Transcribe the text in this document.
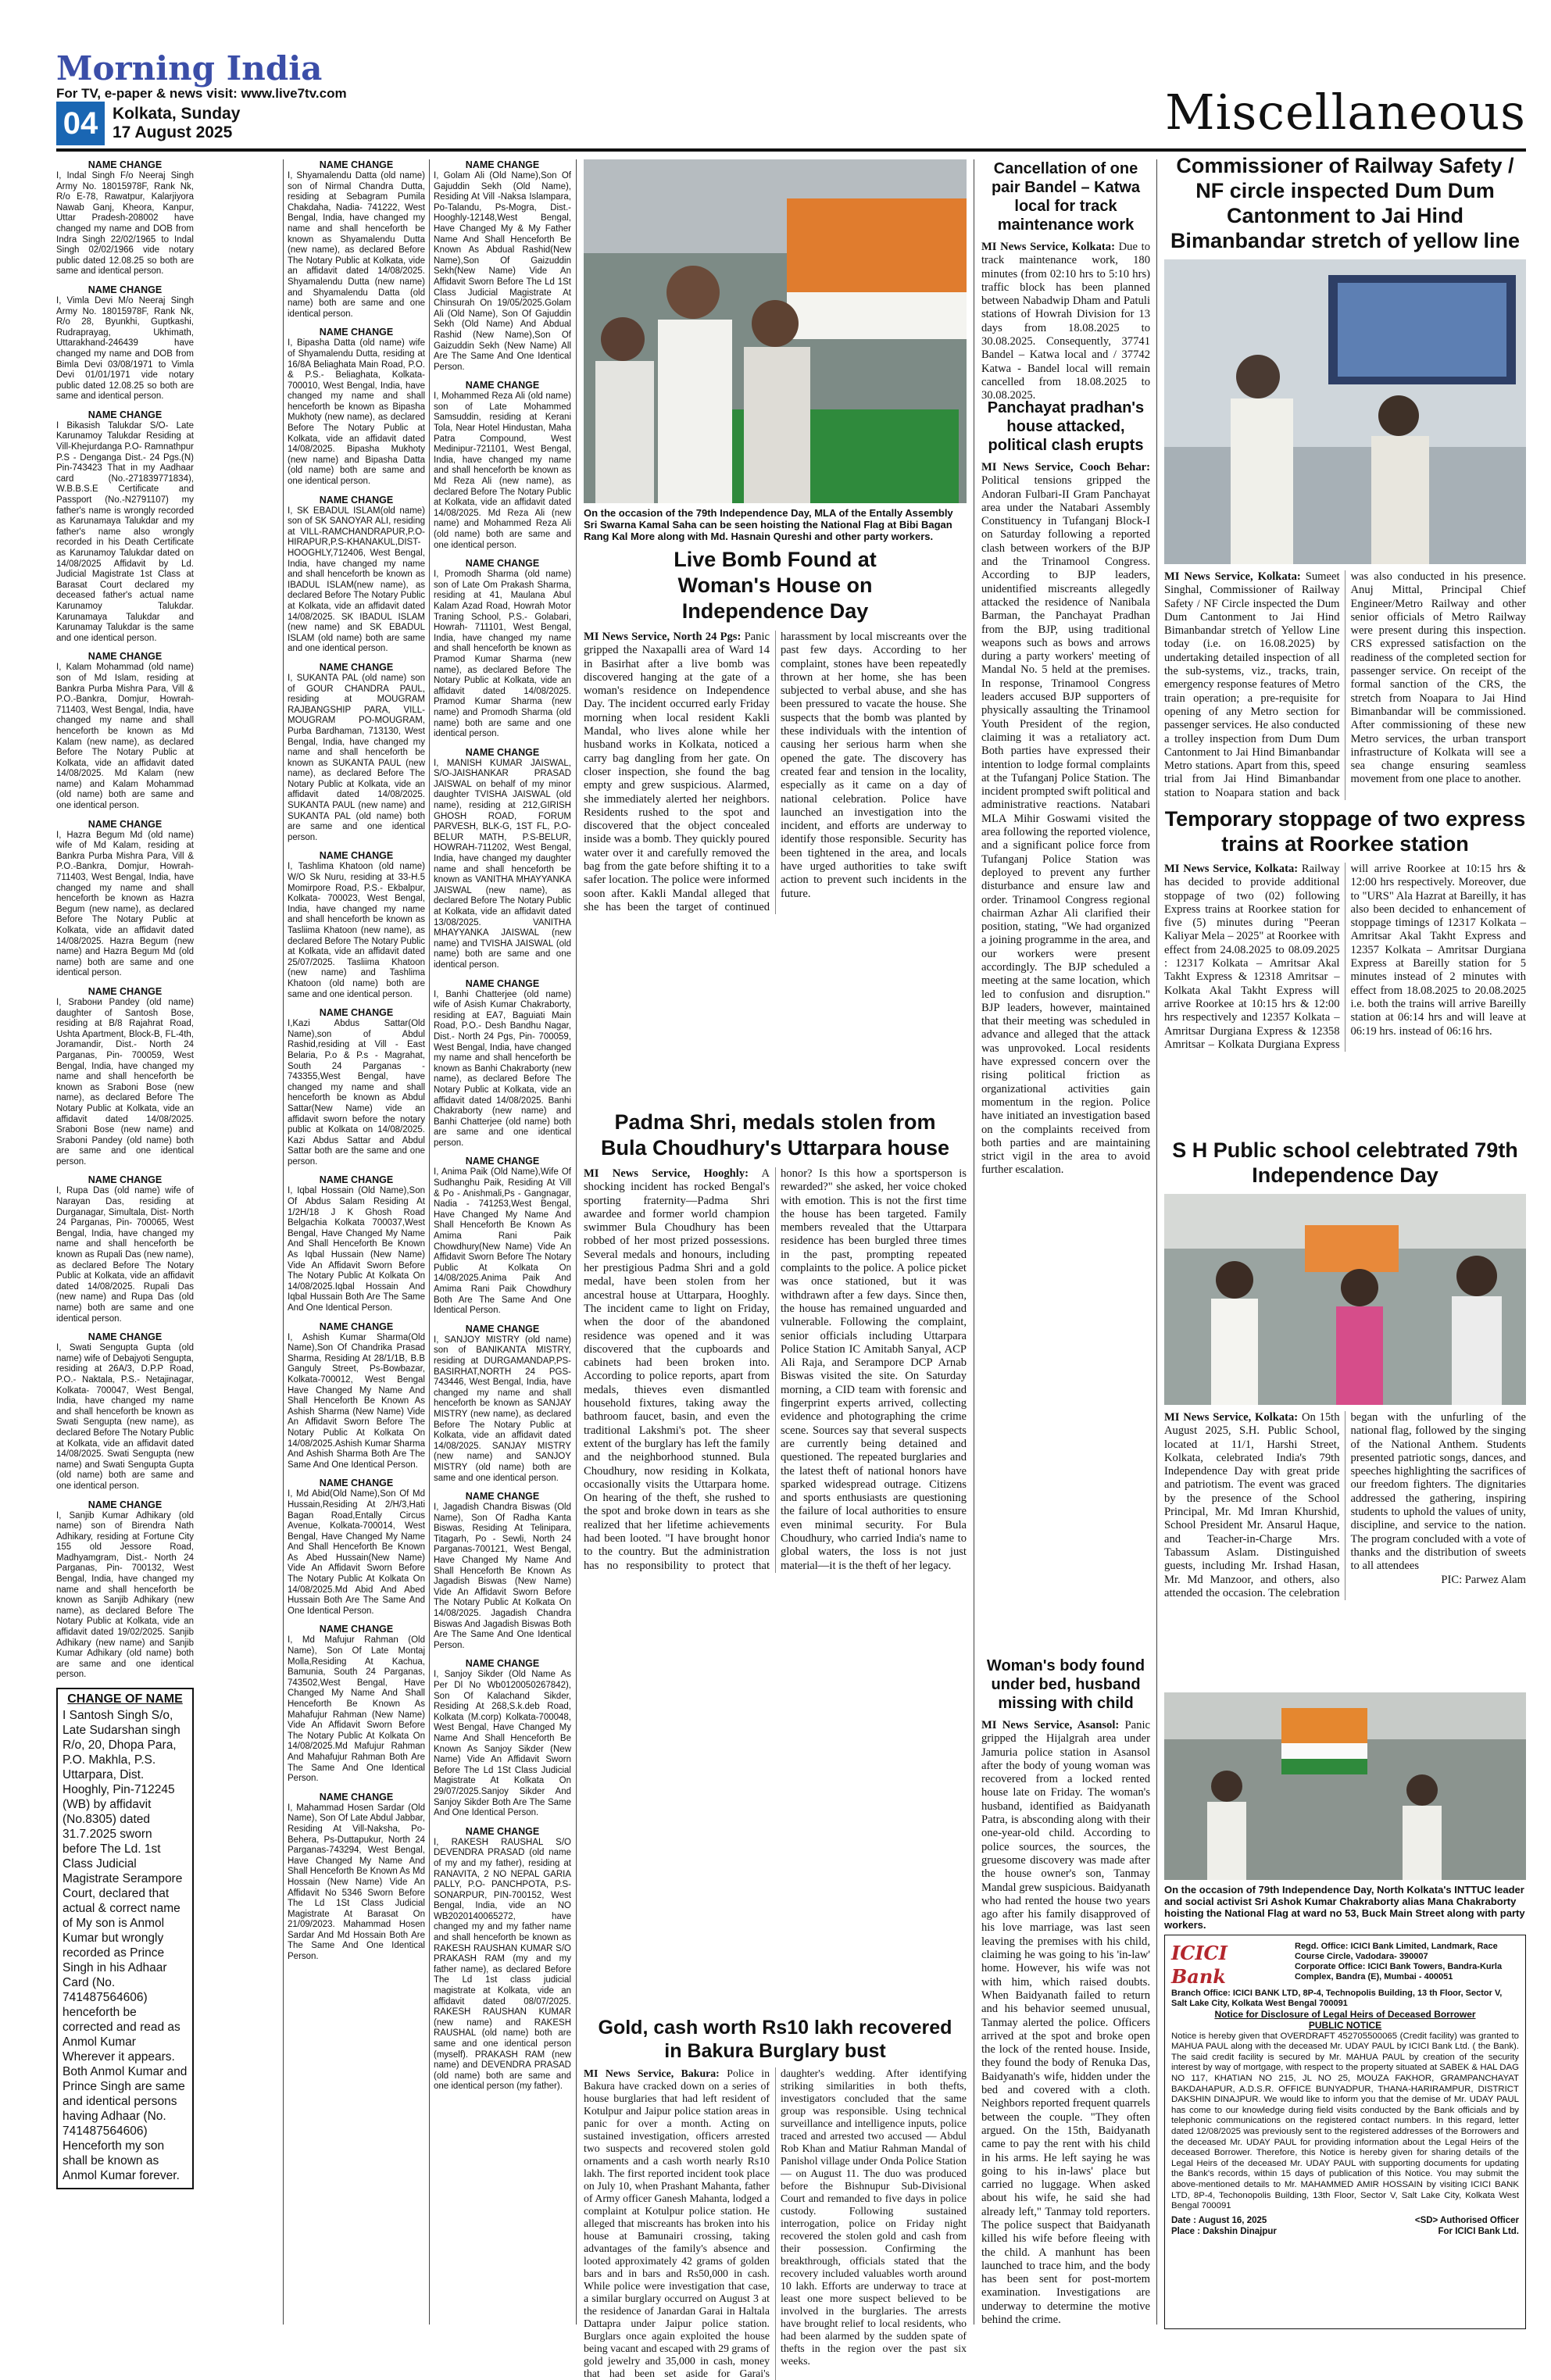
Morning India
For TV, e-paper & news visit: www.live7tv.com
04 Kolkata, Sunday
17 August 2025	Miscellaneous
NAME CHANGE
I, Indal Singh F/o Neeraj Singh Army No. 18015978F, Rank Nk, R/o E-78, Rawatpur, Kalarjiyora Nawab Ganj, Kheora, Kanpur, Uttar Pradesh-208002 have changed my name and DOB from Indra Singh 22/02/1965 to Indal Singh 02/02/1966 vide notary public dated 12.08.25 so both are same and identical person.
NAME CHANGE
I, Vimla Devi M/o Neeraj Singh Army No. 18015978F, Rank Nk, R/o 28, Byunkhi, Guptkashi, Rudraprayag, Ukhimath, Uttarakhand-246439 have changed my name and DOB from Bimla Devi 03/08/1971 to Vimla Devi 01/01/1971 vide notary public dated 12.08.25 so both are same and identical person.
NAME CHANGE
I Bikasish Talukdar S/O- Late Karunamoy Talukdar Residing at Vill-Khejurdanga P.O- Ramnathpur P.S - Denganga Dist.- 24 Pgs.(N) Pin-743423 That in my Aadhaar card (No.-271839771834), W.B.B.S.E Certificate and Passport (No.-N2791107) my father's name is wrongly recorded as Karunamaya Talukdar and my father's name also wrongly recorded in his Death Certificate as Karunamoy Talukdar dated on 14/08/2025 Affidavit by Ld. Judicial Magistrate 1st Class at Barasat Court declared my deceased father's actual name Karunamoy Talukdar. Karunamaya Talukdar and Karunamay Talukdar is the same and one identical person.
NAME CHANGE
I, Kalam Mohammad (old name) son of Md Islam, residing at Bankra Purba Mishra Para, Vill & P.O.-Bankra, Domjur, Howrah- 711403, West Bengal, India, have changed my name and shall henceforth be known as Md Kalam (new name), as declared Before The Notary Public at Kolkata, vide an affidavit dated 14/08/2025. Md Kalam (new name) and Kalam Mohammad (old name) both are same and one identical person.
NAME CHANGE
I, Hazra Begum Md (old name) wife of Md Kalam, residing at Bankra Purba Mishra Para, Vill & P.O.-Bankra, Domjur, Howrah- 711403, West Bengal, India, have changed my name and shall henceforth be known as Hazra Begum (new name), as declared Before The Notary Public at Kolkata, vide an affidavit dated 14/08/2025. Hazra Begum (new name) and Hazra Begum Md (old name) both are same and one identical person.
NAME CHANGE
I, Srabони Pandey (old name) daughter of Santosh Bose, residing at B/8 Rajahrat Road, Ushta Apartment, Block-B, FL-4th, Joramandir, Dist.- North 24 Parganas, Pin- 700059, West Bengal, India, have changed my name and shall henceforth be known as Sraboni Bose (new name), as declared Before The Notary Public at Kolkata, vide an affidavit dated 14/08/2025. Sraboni Bose (new name) and Sraboni Pandey (old name) both are same and one identical person.
NAME CHANGE
I, Rupa Das (old name) wife of Narayan Das, residing at Durganagar, Simultala, Dist- North 24 Parganas, Pin- 700065, West Bengal, India, have changed my name and shall henceforth be known as Rupali Das (new name), as declared Before The Notary Public at Kolkata, vide an affidavit dated 14/08/2025. Rupali Das (new name) and Rupa Das (old name) both are same and one identical person.
NAME CHANGE
I, Swati Sengupta Gupta (old name) wife of Debajyoti Sengupta, residing at 26A/3, D.P.P Road, P.O.- Naktala, P.S.- Netajinagar, Kolkata- 700047, West Bengal, India, have changed my name and shall henceforth be known as Swati Sengupta (new name), as declared Before The Notary Public at Kolkata, vide an affidavit dated 14/08/2025. Swati Sengupta (new name) and Swati Sengupta Gupta (old name) both are same and one identical person.
NAME CHANGE
I, Sanjib Kumar Adhikary (old name) son of Birendra Nath Adhikary, residing at Fortune City 155 old Jessore Road, Madhyamgram, Dist.- North 24 Parganas, Pin- 700132, West Bengal, India, have changed my name and shall henceforth be known as Sanjib Adhikary (new name), as declared Before The Notary Public at Kolkata, vide an affidavit dated 19/02/2025. Sanjib Adhikary (new name) and Sanjib Kumar Adhikary (old name) both are same and one identical person.
CHANGE OF NAME

I Santosh Singh S/o, Late Sudarshan singh R/o, 20, Dhopa Para, P.O. Makhla, P.S. Uttarpara, Dist. Hooghly, Pin-712245 (WB) by affidavit (No.8305) dated 31.7.2025 sworn before The Ld. 1st Class Judicial Magistrate Serampore Court, declared that actual & correct name of My son is Anmol Kumar but wrongly recorded as Prince Singh in his Adhaar Card (No. 741487564606) henceforth be corrected and read as Anmol Kumar Wherever it appears. Both Anmol Kumar and Prince Singh are same and identical persons having Adhaar (No. 741487564606) Henceforth my son shall be known as Anmol Kumar forever.

NAME CHANGE
I, Shyamalendu Datta (old name) son of Nirmal Chandra Dutta, residing at Sebagram Pumila Chakdaha, Nadia- 741222, West Bengal, India, have changed my name and shall henceforth be known as Shyamalendu Dutta (new name), as declared Before The Notary Public at Kolkata, vide an affidavit dated 14/08/2025. Shyamalendu Dutta (new name) and Shyamalendu Datta (old name) both are same and one identical person.
NAME CHANGE
I, Bipasha Datta (old name) wife of Shyamalendu Dutta, residing at 16/8A Beliaghata Main Road, P.O. & P.S.- Beliaghata, Kolkata- 700010, West Bengal, India, have changed my name and shall henceforth be known as Bipasha Mukhoty (new name), as declared Before The Notary Public at Kolkata, vide an affidavit dated 14/08/2025. Bipasha Mukhoty (new name) and Bipasha Datta (old name) both are same and one identical person.
NAME CHANGE
I, SK EBADUL ISLAM(old name) son of SK SANOYAR ALI, residing at VILL-RAMCHANDRAPUR,P.O-HIRAPUR,P.S-KHANAKUL,DIST-HOOGHLY,712406, West Bengal, India, have changed my name and shall henceforth be known as IBADUL ISLAM(new name), as declared Before The Notary Public at Kolkata, vide an affidavit dated 14/08/2025. SK IBADUL ISLAM (new name) and SK EBADUL ISLAM (old name) both are same and one identical person.
NAME CHANGE
I, SUKANTA PAL (old name) son of GOUR CHANDRA PAUL, residing at MOUGRAM RAJBANGSHIP PARA, VILL-MOUGRAM PO-MOUGRAM, Purba Bardhaman, 713130, West Bengal, India, have changed my name and shall henceforth be known as SUKANTA PAUL (new name), as declared Before The Notary Public at Kolkata, vide an affidavit dated 14/08/2025. SUKANTA PAUL (new name) and SUKANTA PAL (old name) both are same and one identical person.
NAME CHANGE
I, Tashlima Khatoon (old name) W/O Sk Nuru, residing at 33-H.5 Momirpore Road, P.S.- Ekbalpur, Kolkata- 700023, West Bengal, India, have changed my name and shall henceforth be known as Tasliima Khatoon (new name), as declared Before The Notary Public at Kolkata, vide an affidavit dated 25/07/2025. Tasliima Khatoon (new name) and Tashlima Khatoon (old name) both are same and one identical person.
NAME CHANGE
I,Kazi Abdus Sattar(Old Name),son of Abdul Rashid,residing at Vill - East Belaria, P.o & P.s - Magrahat, South 24 Parganas - 743355,West Bengal, have changed my name and shall henceforth be known as Abdul Sattar(New Name) vide an affidavit sworn before the notary public at Kolkata on 14/08/2025. Kazi Abdus Sattar and Abdul Sattar both are the same and one person.
NAME CHANGE
I, Iqbal Hossain (Old Name),Son Of Abdus Salam Residing At 1/2H/18 J K Ghosh Road Belgachia Kolkata 700037,West Bengal, Have Changed My Name And Shall Henceforth Be Known As Iqbal Hussain (New Name) Vide An Affidavit Sworn Before The Notary Public At Kolkata On 14/08/2025.Iqbal Hossain And Iqbal Hussain Both Are The Same And One Identical Person.
NAME CHANGE
I, Ashish Kumar Sharma(Old Name),Son Of Chandrika Prasad Sharma, Residing At 28/1/1B, B.B Ganguly Street, Ps-Bowbazar, Kolkata-700012, West Bengal Have Changed My Name And Shall Henceforth Be Known As Ashish Sharma (New Name) Vide An Affidavit Sworn Before The Notary Public At Kolkata On 14/08/2025.Ashish Kumar Sharma And Ashish Sharma Both Are The Same And One Identical Person.
NAME CHANGE
I, Md Abid(Old Name),Son Of Md Hussain,Residing At 2/H/3,Hati Bagan Road,Entally Circus Avenue, Kolkata-700014, West Bengal, Have Changed My Name And Shall Henceforth Be Known As Abed Hussain(New Name) Vide An Affidavit Sworn Before The Notary Public At Kolkata On 14/08/2025.Md Abid And Abed Hussain Both Are The Same And One Identical Person.
NAME CHANGE
I, Md Mafujur Rahman (Old Name), Son Of Late Montaj Molla,Residing At Kachua, Bamunia, South 24 Parganas, 743502,West Bengal, Have Changed My Name And Shall Henceforth Be Known As Mahafujur Rahman (New Name) Vide An Affidavit Sworn Before The Notary Public At Kolkata On 14/08/2025.Md Mafujur Rahman And Mahafujur Rahman Both Are The Same And One Identical Person.
NAME CHANGE
I, Mahammad Hosen Sardar (Old Name), Son Of Late Abdul Jabbar, Residing At Vill-Naksha, Po-Behera, Ps-Duttapukur, North 24 Parganas-743294, West Bengal, Have Changed My Name And Shall Henceforth Be Known As Md Hossain (New Name) Vide An Affidavit No 5346 Sworn Before The Ld 1St Class Judicial Magistrate At Barasat On 21/09/2023. Mahammad Hosen Sardar And Md Hossain Both Are The Same And One Identical Person.
NAME CHANGE
I, Golam Ali (Old Name),Son Of Gajuddin Sekh (Old Name), Residing At Vill -Naksa Islampara, Po-Talandu, Ps-Mogra, Dist.- Hooghly-12148,West Bengal, Have Changed My & My Father Name And Shall Henceforth Be Known As Abdual Rashid(New Name),Son Of Gaizuddin Sekh(New Name) Vide An Affidavit Sworn Before The Ld 1St Class Judicial Magistrate At Chinsurah On 19/05/2025.Golam Ali (Old Name), Son Of Gajuddin Sekh (Old Name) And Abdual Rashid (New Name),Son Of Gaizuddin Sekh (New Name) All Are The Same And One Identical Person.
NAME CHANGE
I, Mohammed Reza Ali (old name) son of Late Mohammed Samsuddin, residing at Kerani Tola, Near Hotel Hindustan, Maha Patra Compound, West Medinipur-721101, West Bengal, India, have changed my name and shall henceforth be known as Md Reza Ali (new name), as declared Before The Notary Public at Kolkata, vide an affidavit dated 14/08/2025. Md Reza Ali (new name) and Mohammed Reza Ali (old name) both are same and one identical person.
NAME CHANGE
I, Promodh Sharma (old name) son of Late Om Prakash Sharma, residing at 41, Maulana Abul Kalam Azad Road, Howrah Motor Traning School, P.S.- Golabari, Howrah- 711101, West Bengal, India, have changed my name and shall henceforth be known as Pramod Kumar Sharma (new name), as declared Before The Notary Public at Kolkata, vide an affidavit dated 14/08/2025. Pramod Kumar Sharma (new name) and Promodh Sharma (old name) both are same and one identical person.
NAME CHANGE
I, MANISH KUMAR JAISWAL, S/O-JAISHANKAR PRASAD JAISWAL on behalf of my minor daughter TVISHA JAISWAL (old name), residing at 212,GIRISH GHOSH ROAD, FORUM PARVESH, BLK-G, 1ST FL, P.O-BELUR MATH, P.S-BELUR, HOWRAH-711202, West Bengal, India, have changed my daughter name and shall henceforth be known as VANITHA MHAYYANKA JAISWAL (new name), as declared Before The Notary Public at Kolkata, vide an affidavit dated 13/08/2025. VANITHA MHAYYANKA JAISWAL (new name) and TVISHA JAISWAL (old name) both are same and one identical person.
NAME CHANGE
I, Banhi Chatterjee (old name) wife of Asish Kumar Chakraborty, residing at EA7, Baguiati Main Road, P.O.- Desh Bandhu Nagar, Dist.- North 24 Pgs, Pin- 700059, West Bengal, India, have changed my name and shall henceforth be known as Banhi Chakraborty (new name), as declared Before The Notary Public at Kolkata, vide an affidavit dated 14/08/2025. Banhi Chakraborty (new name) and Banhi Chatterjee (old name) both are same and one identical person.
NAME CHANGE
I, Anima Paik (Old Name),Wife Of Sudhanghu Paik, Residing At Vill & Po - Anishmali,Ps - Gangnagar, Nadia - 741253,West Bengal, Have Changed My Name And Shall Henceforth Be Known As Amima Rani Paik Chowdhury(New Name) Vide An Affidavit Sworn Before The Notary Public At Kolkata On 14/08/2025.Anima Paik And Amima Rani Paik Chowdhury Both Are The Same And One Identical Person.
NAME CHANGE
I, SANJOY MISTRY (old name) son of BANIKANTA MISTRY, residing at DURGAMANDAP,PS-BASIRHAT,NORTH 24 PGS-743446, West Bengal, India, have changed my name and shall henceforth be known as SANJAY MISTRY (new name), as declared Before The Notary Public at Kolkata, vide an affidavit dated 14/08/2025. SANJAY MISTRY (new name) and SANJOY MISTRY (old name) both are same and one identical person.
NAME CHANGE
I, Jagadish Chandra Biswas (Old Name), Son Of Radha Kanta Biswas, Residing At Telinipara, Titagarh, Po - Sewli, North 24 Parganas-700121, West Bengal, Have Changed My Name And Shall Henceforth Be Known As Jagadish Biswas (New Name) Vide An Affidavit Sworn Before The Notary Public At Kolkata On 14/08/2025. Jagadish Chandra Biswas And Jagadish Biswas Both Are The Same And One Identical Person.
NAME CHANGE
I, Sanjoy Sikder (Old Name As Per Dl No Wb0120050267842), Son Of Kalachand Sikder, Residing At 268,S.k.deb Road, Kolkata (M.corp) Kolkata-700048, West Bengal, Have Changed My Name And Shall Henceforth Be Known As Sanjoy Sikder (New Name) Vide An Affidavit Sworn Before The Ld 1St Class Judicial Magistrate At Kolkata On 29/07/2025.Sanjoy Sikder And Sanjoy Sikder Both Are The Same And One Identical Person.
NAME CHANGE
I, RAKESH RAUSHAL S/O DEVENDRA PRASAD (old name of my and my father), residing at RANAVITA, 2 NO NEPAL GARIA PALLY, P.O- PANCHPOTA, P.S- SONARPUR, PIN-700152, West Bengal, India, vide an NO WB2020140065272, have changed my and my father name and shall henceforth be known as RAKESH RAUSHAN KUMAR S/O PRAKASH RAM (my and my father name), as declared Before The Ld 1st class judicial magistrate at Kolkata, vide an affidavit dated 08/07/2025. RAKESH RAUSHAN KUMAR (new name) and RAKESH RAUSHAL (old name) both are same and one identical person (myself). PRAKASH RAM (new name) and DEVENDRA PRASAD (old name) both are same and one identical person (my father).
On the occasion of the 79th Independence Day, MLA of the Entally Assembly Sri Swarna Kamal Saha can be seen hoisting the National Flag at Bibi Bagan Rang Kal More along with Md. Hasnain Qureshi and other party workers.
Live Bomb Found at Woman's House on Independence Day
MI News Service, North 24 Pgs: Panic gripped the Naxapalli area of Ward 14 in Basirhat after a live bomb was discovered hanging at the gate of a woman's residence on Independence Day. The incident occurred early Friday morning when local resident Kakli Mandal, who lives alone while her husband works in Kolkata, noticed a carry bag dangling from her gate. On closer inspection, she found the bag empty and grew suspicious. Alarmed, she immediately alerted her neighbors. Residents rushed to the spot and discovered that the object concealed inside was a bomb. They quickly poured water over it and carefully removed the bag from the gate before shifting it to a safer location. The police were informed soon after. Kakli Mandal alleged that she has been the target of continued harassment by local miscreants over the past few days. According to her complaint, stones have been repeatedly thrown at her home, she has been subjected to verbal abuse, and she has been pressured to vacate the house. She suspects that the bomb was planted by these individuals with the intention of causing her serious harm when she opened the gate. The discovery has created fear and tension in the locality, especially as it came on a day of national celebration. Police have launched an investigation into the incident, and efforts are underway to identify those responsible. Security has been tightened in the area, and locals have urged authorities to take swift action to prevent such incidents in the future.
Padma Shri, medals stolen from Bula Choudhury's Uttarpara house
MI News Service, Hooghly: A shocking incident has rocked Bengal's sporting fraternity—Padma Shri awardee and former world champion swimmer Bula Choudhury has been robbed of her most prized possessions. Several medals and honours, including her prestigious Padma Shri and a gold medal, have been stolen from her ancestral house at Uttarpara, Hooghly. The incident came to light on Friday, when the door of the abandoned residence was opened and it was discovered that the cupboards and cabinets had been broken into. According to police reports, apart from medals, thieves even dismantled household fixtures, taking away the bathroom faucet, basin, and even the traditional Lakshmi's pot. The sheer extent of the burglary has left the family and the neighborhood stunned. Bula Choudhury, now residing in Kolkata, occasionally visits the Uttarpara home. On hearing of the theft, she rushed to the spot and broke down in tears as she realized that her lifetime achievements had been looted. "I have brought honor to the country. But the administration has no responsibility to protect that honor? Is this how a sportsperson is rewarded?" she asked, her voice choked with emotion. This is not the first time the house has been targeted. Family members revealed that the Uttarpara residence has been burgled three times in the past, prompting repeated complaints to the police. A police picket was once stationed, but it was withdrawn after a few days. Since then, the house has remained unguarded and vulnerable. Following the complaint, senior officials including Uttarpara Police Station IC Amitabh Sanyal, ACP Ali Raja, and Serampore DCP Arnab Biswas visited the site. On Saturday morning, a CID team with forensic and fingerprint experts arrived, collecting evidence and photographing the crime scene. Sources say that several suspects are currently being detained and questioned. The repeated burglaries and the latest theft of national honors have sparked widespread outrage. Citizens and sports enthusiasts are questioning the failure of local authorities to ensure even minimal security. For Bula Choudhury, who carried India's name to global waters, the loss is not just material—it is the theft of her legacy.
Gold, cash worth Rs10 lakh recovered in Bakura Burglary bust
MI News Service, Bakura: Police in Bakura have cracked down on a series of house burglaries that had left resident of Kotulpur and Jaipur police station areas in panic for over a month. Acting on sustained investigation, officers arrested two suspects and recovered stolen gold ornaments and a cash worth nearly Rs10 lakh. The first reported incident took place on July 10, when Prashant Mahanta, father of Army officer Ganesh Mahanta, lodged a complaint at Kotulpur police station. He alleged that miscreants has broken into his house at Bamunairi crossing, taking advantages of the family's absence and looted approximately 42 grams of golden bars and in bars and Rs50,000 in cash. While police were investigation that case, a similar burglary occurred on August 3 at the residence of Janardan Garai in Haltala Dattapra under Jaipur police station. Burglars once again exploited the house being vacant and escaped with 29 grams of gold jewelry and 35,000 in cash, money that had been set aside for Garai's daughter's wedding. After identifying striking similarities in both thefts, investigators concluded that the same group was responsible. Using technical surveillance and intelligence inputs, police traced and arrested two accused — Abdul Rob Khan and Matiur Rahman Mandal of Panishol village under Onda Police Station — on August 11. The duo was produced before the Bishnupur Sub-Divisional Court and remanded to five days in police custody. Following sustained interrogation, police on Friday night recovered the stolen gold and cash from their possession. Confirming the breakthrough, officials stated that the recovery included valuables worth around 10 lakh. Efforts are underway to trace at least one more suspect believed to be involved in the burglaries. The arrests have brought relief to local residents, who had been alarmed by the sudden spate of thefts in the region over the past six weeks.
Cancellation of one pair Bandel – Katwa local for track maintenance work
MI News Service, Kolkata: Due to track maintenance work, 180 minutes (from 02:10 hrs to 5:10 hrs) traffic block has been planned between Nabadwip Dham and Patuli stations of Howrah Division for 13 days from 18.08.2025 to 30.08.2025. Consequently, 37741 Bandel – Katwa local and / 37742 Katwa - Bandel local will remain cancelled from 18.08.2025 to 30.08.2025.
Panchayat pradhan's house attacked, political clash erupts
MI News Service, Cooch Behar: Political tensions gripped the Andoran Fulbari-II Gram Panchayat area under the Natabari Assembly Constituency in Tufanganj Block-I on Saturday following a reported clash between workers of the BJP and the Trinamool Congress. According to BJP leaders, unidentified miscreants allegedly attacked the residence of Nanibala Barman, the Panchayat Pradhan from the BJP, using traditional weapons such as bows and arrows during a party workers' meeting of Mandal No. 5 held at the premises. In response, Trinamool Congress leaders accused BJP supporters of physically assaulting the Trinamool Youth President of the region, claiming it was a retaliatory act. Both parties have expressed their intention to lodge formal complaints at the Tufanganj Police Station. The incident prompted swift political and administrative reactions. Natabari MLA Mihir Goswami visited the area following the reported violence, and a significant police force from Tufanganj Police Station was deployed to prevent any further disturbance and ensure law and order. Trinamool Congress regional chairman Azhar Ali clarified their position, stating, "We had organized a joining programme in the area, and our workers were present accordingly. The BJP scheduled a meeting at the same location, which led to confusion and disruption." BJP leaders, however, maintained that their meeting was scheduled in advance and alleged that the attack was unprovoked. Local residents have expressed concern over the rising political friction as organizational activities gain momentum in the region. Police have initiated an investigation based on the complaints received from both parties and are maintaining strict vigil in the area to avoid further escalation.
Woman's body found under bed, husband missing with child
MI News Service, Asansol: Panic gripped the Hijalgrah area under Jamuria police station in Asansol after the body of young woman was recovered from a locked rented house late on Friday. The woman's husband, identified as Baidyanath Patra, is absconding along with their one-year-old child. According to police sources, the sources, the gruesome discovery was made after the house owner's son, Tanmay Mandal grew suspicious. Baidyanath who had rented the house two years ago after his family disapproved of his love marriage, was last seen leaving the premises with his child, claiming he was going to his 'in-law' home. However, his wife was not with him, which raised doubts. When Baidyanath failed to return and his behavior seemed unusual, Tanmay alerted the police. Officers arrived at the spot and broke open the lock of the rented house. Inside, they found the body of Renuka Das, Baidyanath's wife, hidden under the bed and covered with a cloth. Neighbors reported frequent quarrels between the couple. "They often argued. On the 15th, Baidyanath came to pay the rent with his child in his arms. He left saying he was going to his in-laws' place but carried no luggage. When asked about his wife, he said she had already left," Tanmay told reporters. The police suspect that Baidyanath killed his wife before fleeing with the child. A manhunt has been launched to trace him, and the body has been sent for post-mortem examination. Investigations are underway to determine the motive behind the crime.
Commissioner of Railway Safety / NF circle inspected Dum Dum Cantonment to Jai Hind Bimanbandar stretch of yellow line
MI News Service, Kolkata: Sumeet Singhal, Commissioner of Railway Safety / NF Circle inspected the Dum Dum Cantonment to Jai Hind Bimanbandar stretch of Yellow Line today (i.e. on 16.08.2025) by undertaking detailed inspection of all the sub-systems, viz., tracks, train, emergency response features of Metro train operation; a pre-requisite for opening of any Metro section for passenger services. He also conducted a trolley inspection from Dum Dum Cantonment to Jai Hind Bimanbandar Metro stations. Apart from this, speed trial from Jai Hind Bimanbandar station to Noapara station and back was also conducted in his presence. Anuj Mittal, Principal Chief Engineer/Metro Railway and other senior officials of Metro Railway were present during this inspection. CRS expressed satisfaction on the readiness of the completed section for passenger service. On receipt of the formal sanction of the CRS, the stretch from Noapara to Jai Hind Bimanbandar will be commissioned. After commissioning of these new Metro services, the urban transport infrastructure of Kolkata will see a sea change ensuring seamless movement from one place to another.
Temporary stoppage of two express trains at Roorkee station
MI News Service, Kolkata: Railway has decided to provide additional stoppage of two (02) following Express trains at Roorkee station for five (5) minutes during "Peeran Kaliyar Mela – 2025" at Roorkee with effect from 24.08.2025 to 08.09.2025 : 12317 Kolkata – Amritsar Akal Takht Express & 12318 Amritsar – Kolkata Akal Takht Express will arrive Roorkee at 10:15 hrs & 12:00 hrs respectively and 12357 Kolkata – Amritsar Durgiana Express & 12358 Amritsar – Kolkata Durgiana Express will arrive Roorkee at 10:15 hrs & 12:00 hrs respectively. Moreover, due to "URS" Ala Hazrat at Bareilly, it has also been decided to enhancement of stoppage timings of 12317 Kolkata – Amritsar Akal Takht Express and 12357 Kolkata – Amritsar Durgiana Express at Bareilly station for 5 minutes instead of 2 minutes with effect from 18.08.2025 to 20.08.2025 i.e. both the trains will arrive Bareilly station at 06:14 hrs and will leave at 06:19 hrs. instead of 06:16 hrs.
S H Public school celebtrated 79th Independence Day
MI News Service, Kolkata: On 15th August 2025, S.H. Public School, located at 11/1, Harshi Street, Kolkata, celebrated India's 79th Independence Day with great pride and patriotism. The event was graced by the presence of the School Principal, Mr. Md Imran Khurshid, School President Mr. Ansarul Haque, and Teacher-in-Charge Mrs. Tabassum Aslam. Distinguished guests, including Mr. Irshad Hasan, Mr. Md Manzoor, and others, also attended the occasion. The celebration began with the unfurling of the national flag, followed by the singing of the National Anthem. Students presented patriotic songs, dances, and speeches highlighting the sacrifices of our freedom fighters. The dignitaries addressed the gathering, inspiring students to uphold the values of unity, discipline, and service to the nation. The program concluded with a vote of thanks and the distribution of sweets to all attendees
PIC: Parwez Alam
On the occasion of 79th Independence Day, North Kolkata's INTTUC leader and social activist Sri Ashok Kumar Chakraborty alias Mana Chakraborty hoisting the National Flag at ward no 53, Buck Main Street along with party workers.
ICICI Bank
Regd. Office: ICICI Bank Limited, Landmark, Race Course Circle, Vadodara- 390007
Corporate Office: ICICI Bank Towers, Bandra-Kurla Complex, Bandra (E), Mumbai - 400051
Branch Office: ICICI BANK LTD, 8P-4, Technopolis Building, 13 th Floor, Sector V, Salt Lake City, Kolkata West Bengal 700091
Notice for Disclosure of Legal Heirs of Deceased Borrower
PUBLIC NOTICE
Notice is hereby given that OVERDRAFT 452705500065 (Credit facility) was granted to MAHUA PAUL along with the deceased Mr. UDAY PAUL by ICICI Bank Ltd. ( the Bank). The said credit facility is secured by Mr. MAHUA PAUL by creation of the security interest by way of mortgage, with respect to the property situated at SABEK & HAL DAG NO 117, KHATIAN NO 215, JL NO 25, MOUZA FAKHOR, GRAMPANCHAYAT BAKDAHAPUR, A.D.S.R. OFFICE BUNYADPUR, THANA-HARIRAMPUR, DISTRICT DAKSHIN DINAJPUR. We would like to inform you that the demise of Mr. UDAY PAUL has come to our knowledge during field visits conducted by the Bank officials and by telephonic communications on the registered contact numbers. In this regard, letter dated 12/08/2025 was previously sent to the registered addresses of the Borrowers and the deceased Mr. UDAY PAUL for providing information about the Legal Heirs of the deceased Borrower. Therefore, this Notice is hereby given for sharing details of the Legal Heirs of the deceased Mr. UDAY PAUL with supporting documents for updating the Bank's records, within 15 days of publication of this Notice. You may submit the above-mentioned details to Mr. MAHAMMED AMIR HOSSAIN by visiting ICICI BANK LTD, 8P-4, Techonopolis Building, 13th Floor, Sector V, Salt Lake City, Kolkata West Bengal 700091
Date : August 16, 2025
Place : Dakshin Dinajpur
<SD> Authorised Officer
For ICICI Bank Ltd.
